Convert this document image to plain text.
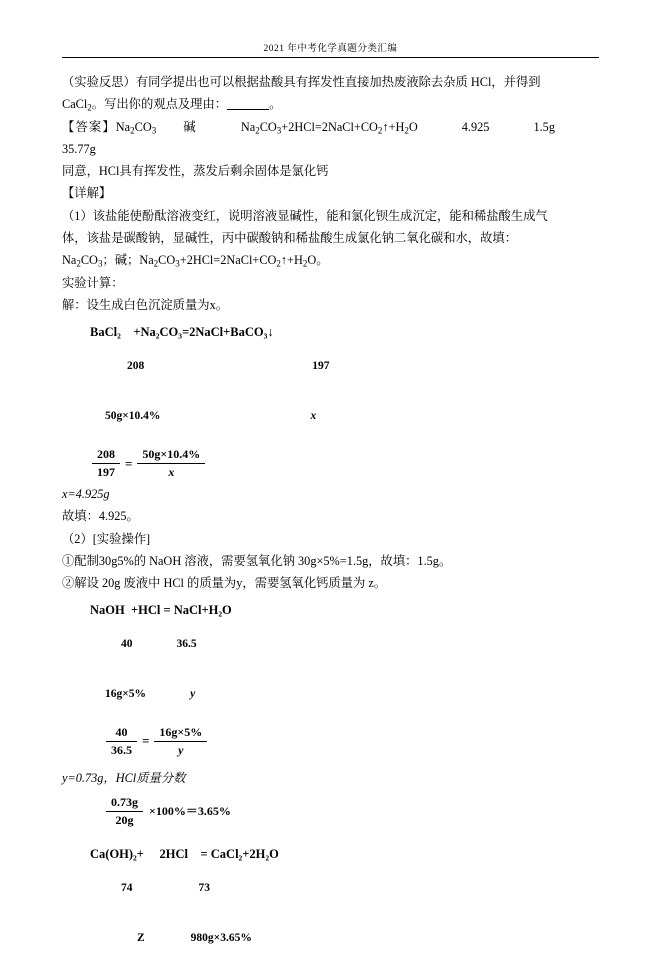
2021 年中考化学真题分类汇编

（实验反思）有同学提出也可以根据盐酸具有挥发性直接加热废液除去杂质 HCl，并得到

CaCl$_2$。写出你的观点及理由：	。

【答案】$Na_2CO_3$ 碱	$Na_2CO_3+2HCl=2NaCl+CO_2↑+H_2O$	4.925	1.5g35.77g

同意，HCl具有挥发性，蒸发后剩余固体是氯化钙

【详解】

（1）该盐能使酚酞溶液变红，说明溶液显碱性，能和氯化钡生成沉定，能和稀盐酸生成气

体，该盐是碳酸钠，显碱性，丙中碳酸钠和稀盐酸生成氯化钠二氧化碳和水，故填：

$Na_2CO_3$；碱；$Na_2CO_3+2HCl=2NaCl+CO_2↑+H_2O$。

实验计算：

解：设生成白色沉淀质量为x。

BaCl₂    +Na₂CO₃=2NaCl+BaCO₃↓

208	197

50g×10.4%	x

$\frac{208}{197} = \frac{50g\times 10.4\%}{x}$

x=4.925g

故填：4.925。

（2）[实验操作]

①配制30g5%的 NaOH 溶液，需要氢氧化钠 30g×5%=1.5g，故填：1.5g。

②解设 20g 废液中 HCl 的质量为y，需要氢氧化钙质量为 z。

NaOH  +HCl = NaCl+H₂O

40	36.5

16g×5%	y

$\frac{40}{36.5} = \frac{16g\times 5\%}{y}$

y=0.73g，HCl质量分数

$\frac{0.73g}{20g} \times 100\%=3.65\%$
Ca(OH)₂+     2HCl    = CaCl₂+2H₂O

74	73

Z	980g×3.65%
